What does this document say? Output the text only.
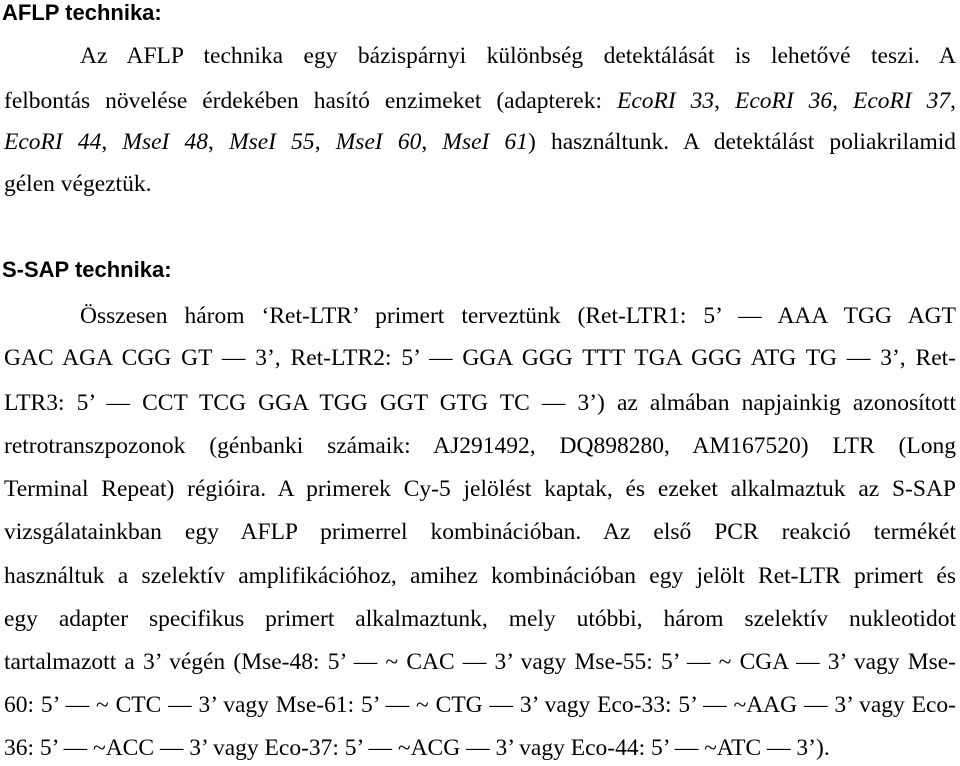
AFLP technika:
Az AFLP technika egy bázispárnyi különbség detektálását is lehetővé teszi. A
felbontás növelése érdekében hasító enzimeket (adapterek: EcoRI 33, EcoRI 36, EcoRI 37,
EcoRI 44, MseI 48, MseI 55, MseI 60, MseI 61) használtunk. A detektálást poliakrilamid
gélen végeztük.
S-SAP technika:
Összesen három ‘Ret-LTR’ primert terveztünk (Ret-LTR1: 5’ — AAA TGG AGT
GAC AGA CGG GT — 3’, Ret-LTR2: 5’ — GGA GGG TTT TGA GGG ATG TG — 3’, Ret-
LTR3: 5’ — CCT TCG GGA TGG GGT GTG TC — 3’) az almában napjainkig azonosított
retrotranszpozonok (génbanki számaik: AJ291492, DQ898280, AM167520) LTR (Long
Terminal Repeat) régióira. A primerek Cy-5 jelölést kaptak, és ezeket alkalmaztuk az S-SAP
vizsgálatainkban egy AFLP primerrel kombinációban. Az első PCR reakció termékét
használtuk a szelektív amplifikációhoz, amihez kombinációban egy jelölt Ret-LTR primert és
egy adapter specifikus primert alkalmaztunk, mely utóbbi, három szelektív nukleotidot
tartalmazott a 3’ végén (Mse-48: 5’ — ~ CAC — 3’ vagy Mse-55: 5’ — ~ CGA — 3’ vagy Mse-
60: 5’ — ~ CTC — 3’ vagy Mse-61: 5’ — ~ CTG — 3’ vagy Eco-33: 5’ — ~AAG — 3’ vagy Eco-
36: 5’ — ~ACC — 3’ vagy Eco-37: 5’ — ~ACG — 3’ vagy Eco-44: 5’ — ~ATC — 3’).
